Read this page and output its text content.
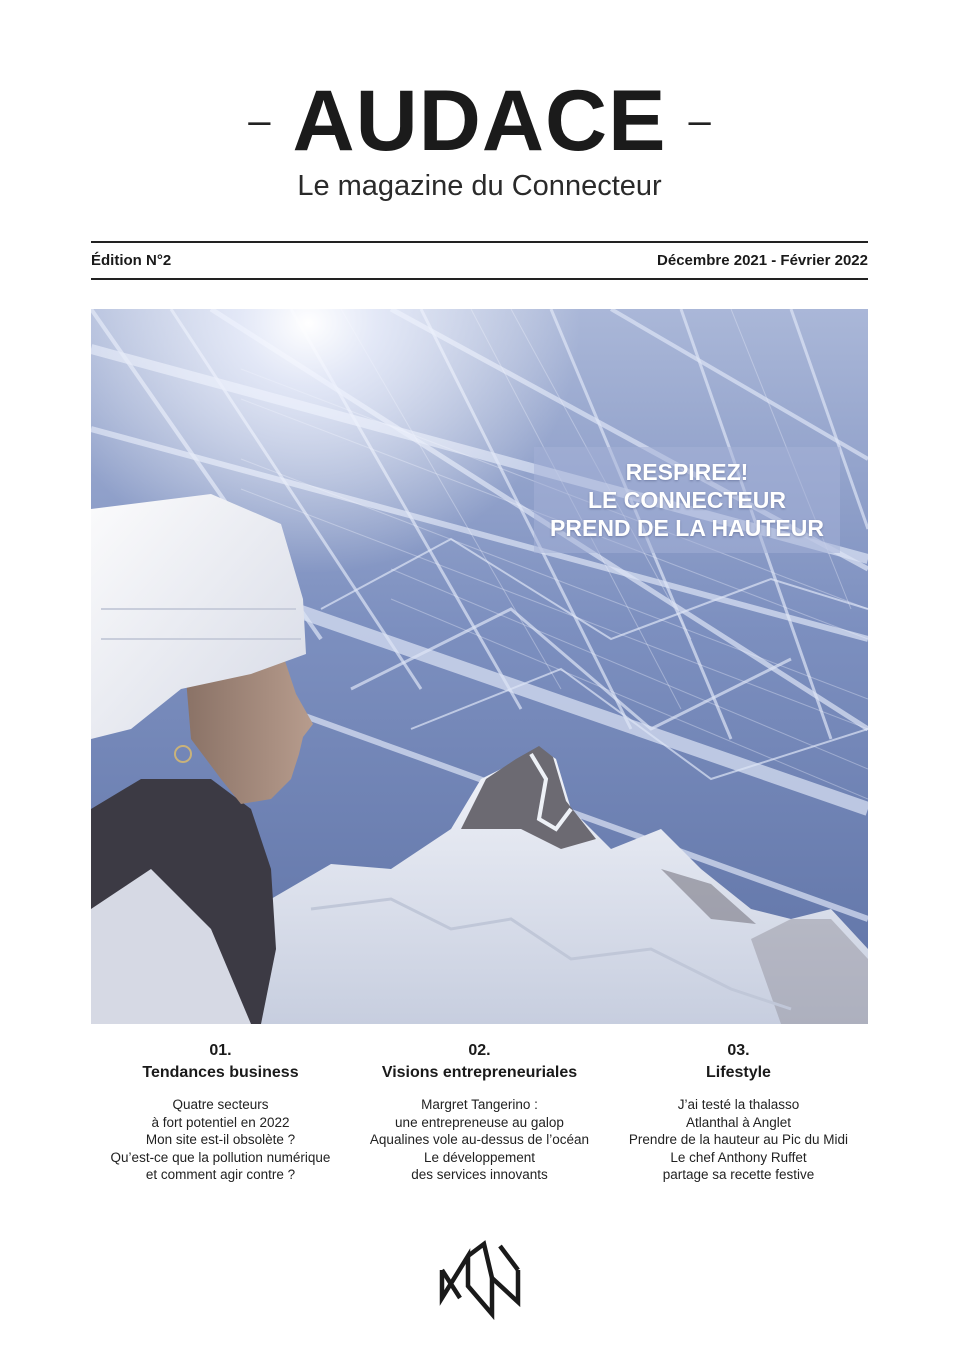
– AUDACE –
Le magazine du Connecteur
Édition N°2	Décembre 2021 - Février 2022
RESPIREZ!
LE CONNECTEUR
PREND DE LA HAUTEUR
01.
Tendances business
Quatre secteurs
à fort potentiel en 2022
Mon site est-il obsolète ?
Qu’est-ce que la pollution numérique
et comment agir contre ?
02.
Visions entrepreneuriales
Margret Tangerino :
une entrepreneuse au galop
Aqualines vole au-dessus de l’océan
Le développement
des services innovants
03.
Lifestyle
J’ai testé la thalasso
Atlanthal à Anglet
Prendre de la hauteur au Pic du Midi
Le chef Anthony Ruffet
partage sa recette festive
